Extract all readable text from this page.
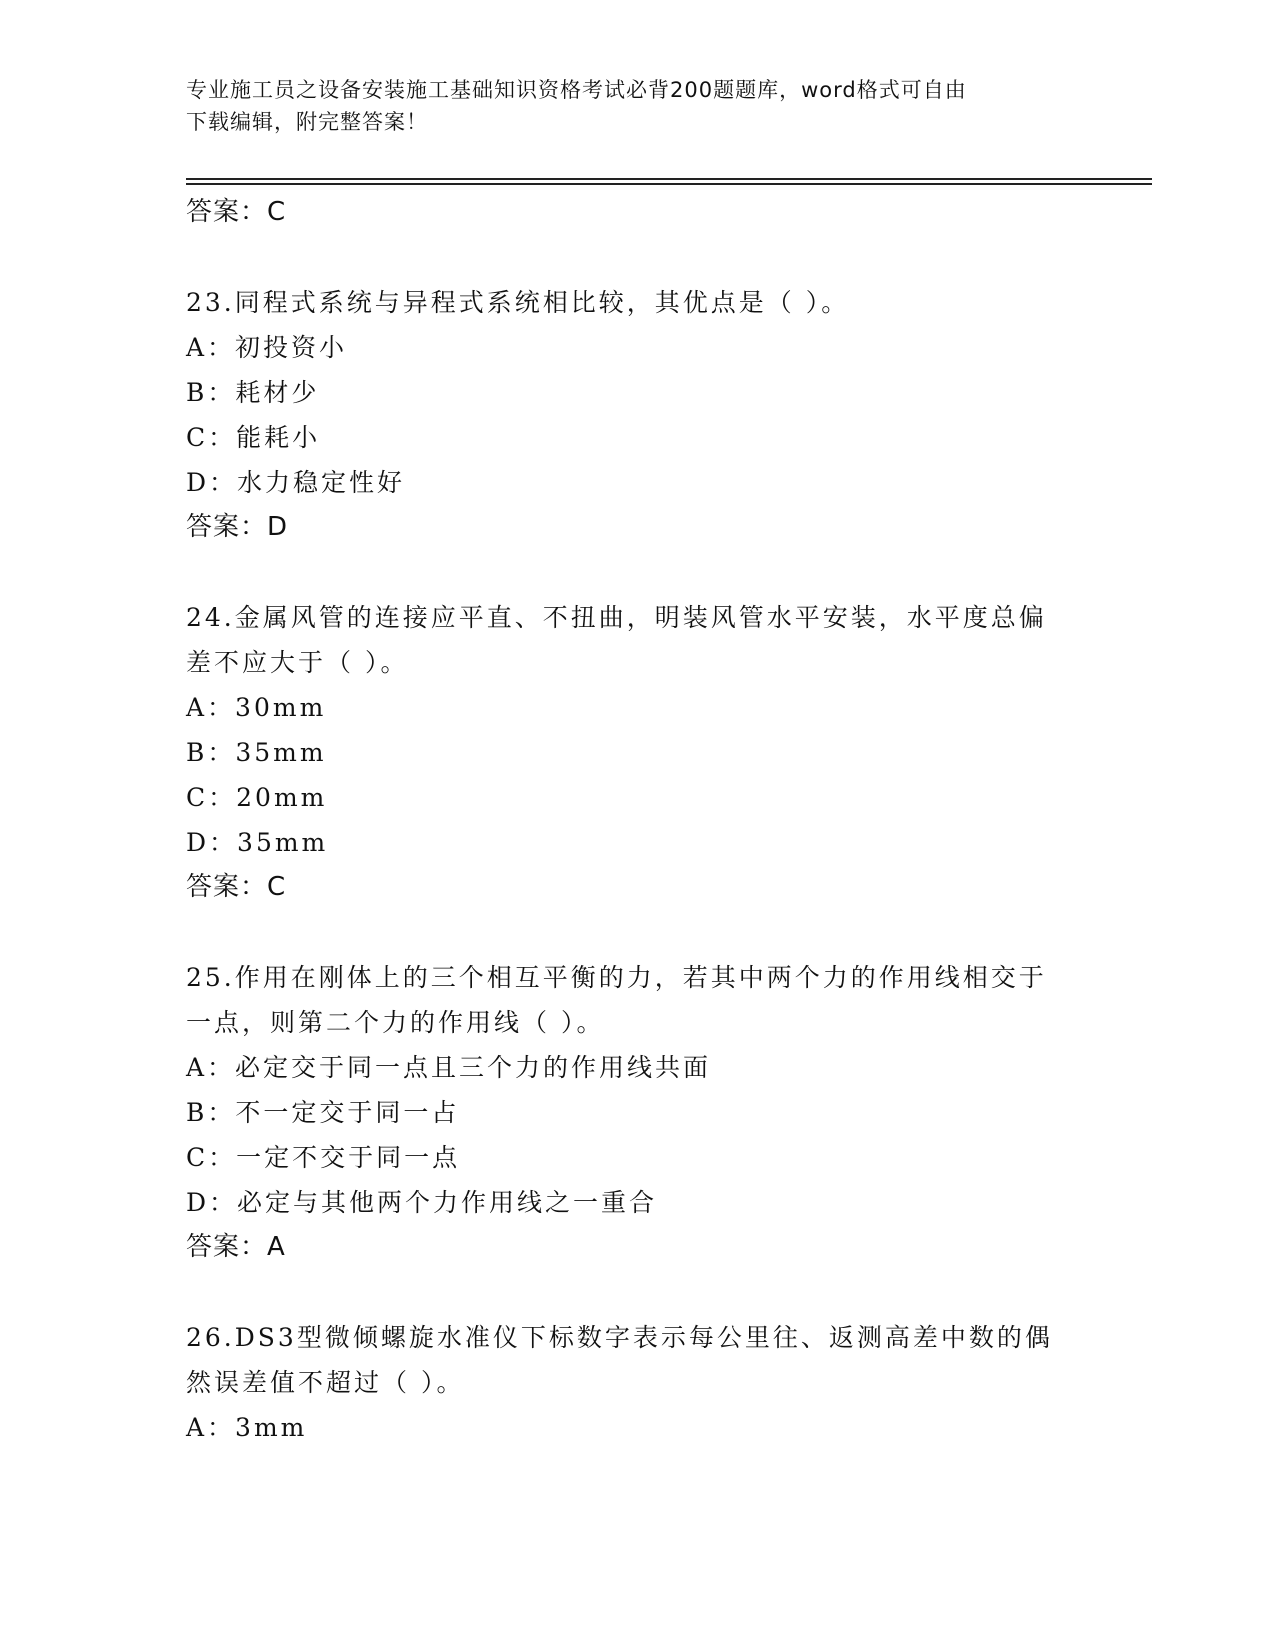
专业施工员之设备安装施工基础知识资格考试必背200题题库，word格式可自由
下载编辑，附完整答案！
答案：C
23.同程式系统与异程式系统相比较，其优点是（ ）。
A：初投资小
B：耗材少
C：能耗小
D：水力稳定性好
答案：D
24.金属风管的连接应平直、不扭曲，明装风管水平安装，水平度总偏
差不应大于（ ）。
A：30mm
B：35mm
C：20mm
D：35mm
答案：C
25.作用在刚体上的三个相互平衡的力，若其中两个力的作用线相交于
一点，则第二个力的作用线（ ）。
A：必定交于同一点且三个力的作用线共面
B：不一定交于同一占
C：一定不交于同一点
D：必定与其他两个力作用线之一重合
答案：A
26.DS3型微倾螺旋水准仪下标数字表示每公里往、返测高差中数的偶
然误差值不超过（ ）。
A：3mm
